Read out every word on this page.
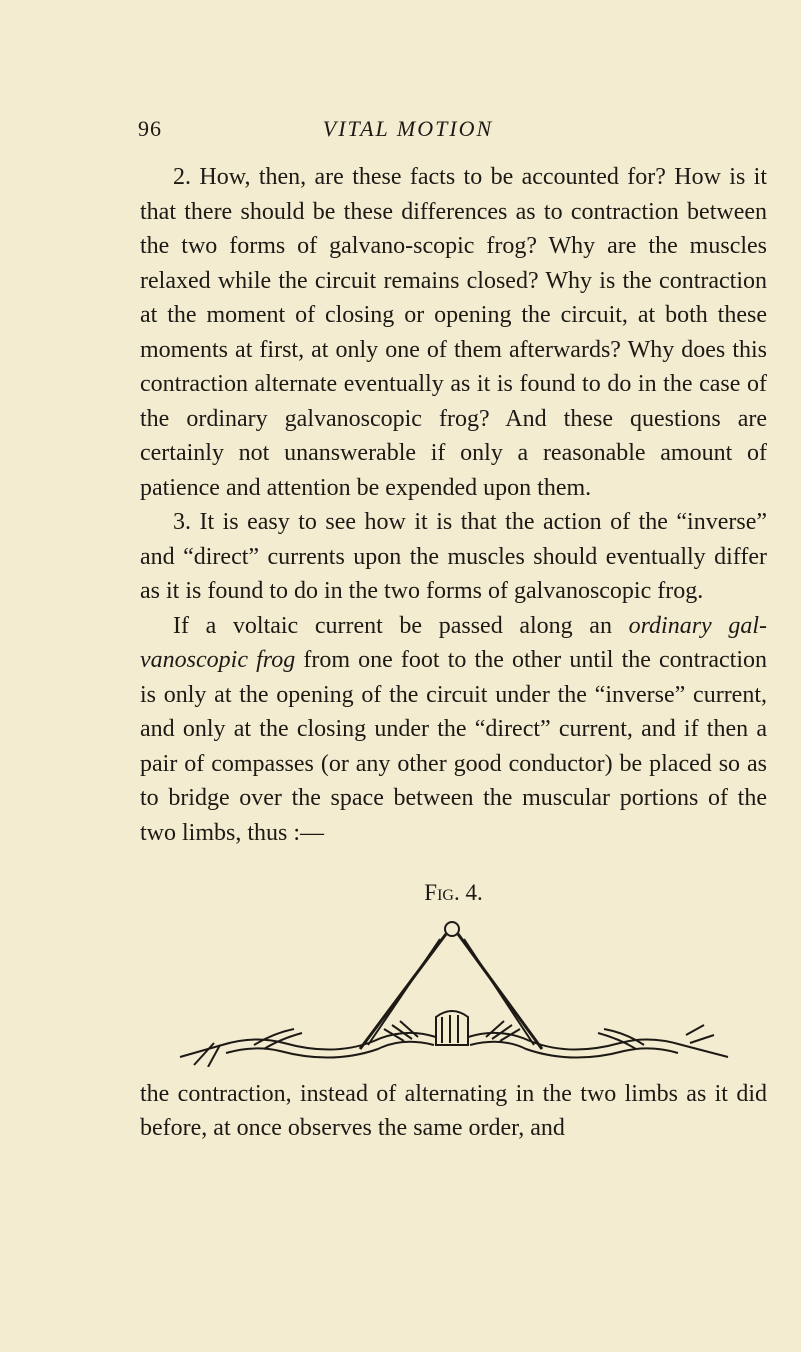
96	VITAL MOTION

2. How, then, are these facts to be accounted for? How is it that there should be these differences as to contraction between the two forms of galvano-scopic frog? Why are the muscles relaxed while the circuit remains closed? Why is the contraction at the moment of closing or opening the circuit, at both these moments at first, at only one of them afterwards? Why does this contraction alternate eventually as it is found to do in the case of the ordinary galvanoscopic frog? And these questions are certainly not unanswerable if only a reasonable amount of patience and attention be expended upon them.

3. It is easy to see how it is that the action of the “inverse” and “direct” currents upon the muscles should eventually differ as it is found to do in the two forms of galvanoscopic frog.

If a voltaic current be passed along an ordinary gal-vanoscopic frog from one foot to the other until the contraction is only at the opening of the circuit under the “inverse” current, and only at the closing under the “direct” current, and if then a pair of compasses (or any other good conductor) be placed so as to bridge over the space between the muscular portions of the two limbs, thus :—

Fig. 4.

the contraction, instead of alternating in the two limbs as it did before, at once observes the same order, and
